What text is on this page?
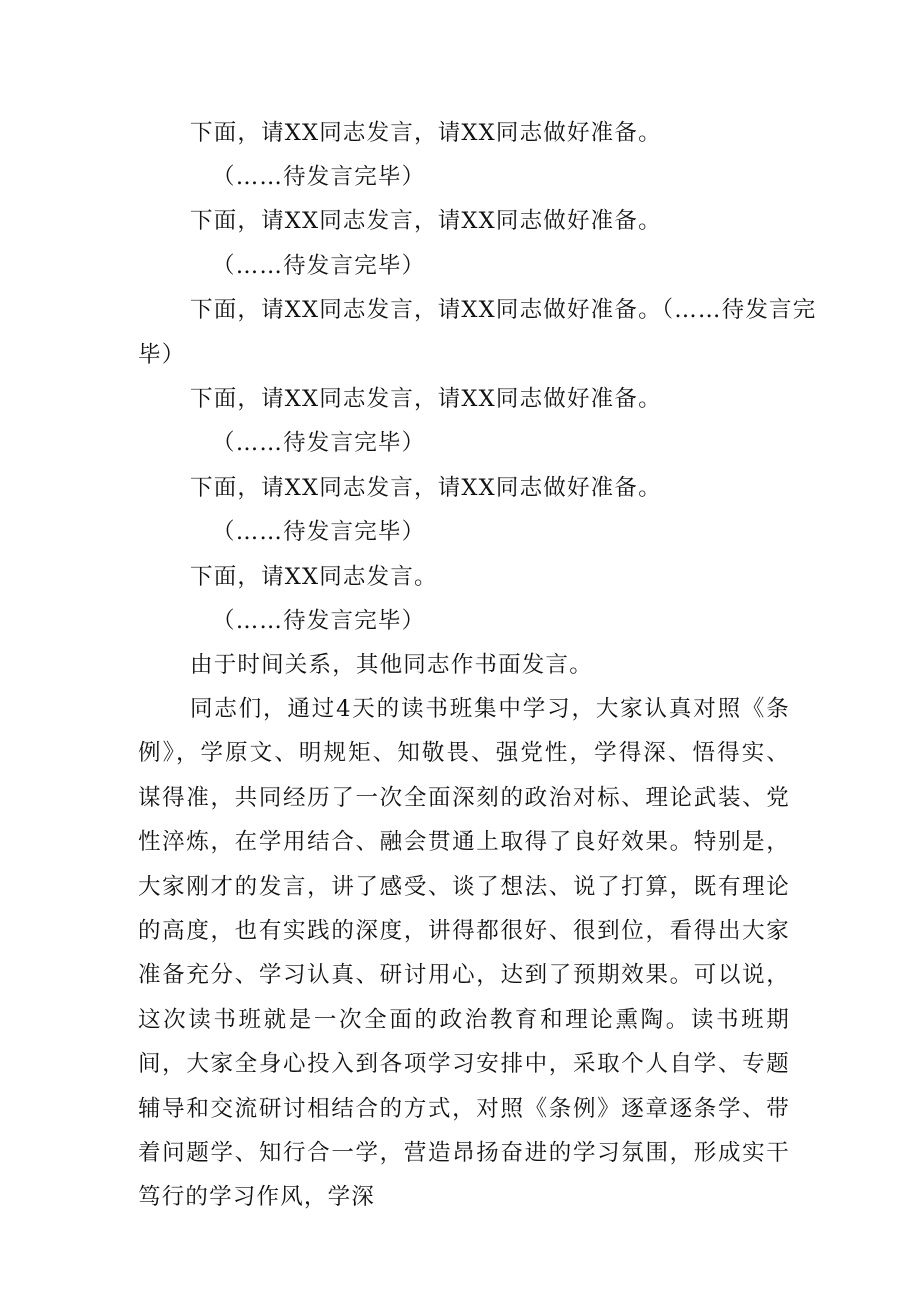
下面，请XX同志发言，请XX同志做好准备。
（……待发言完毕）
下面，请XX同志发言，请XX同志做好准备。
（……待发言完毕）
下面，请XX同志发言，请XX同志做好准备。（……待发言完
毕）
下面，请XX同志发言，请XX同志做好准备。
（……待发言完毕）
下面，请XX同志发言，请XX同志做好准备。
（……待发言完毕）
下面，请XX同志发言。
（……待发言完毕）
由于时间关系，其他同志作书面发言。
同志们，通过4天的读书班集中学习，大家认真对照《条例》，学原文、明规矩、知敬畏、强党性，学得深、悟得实、谋得准，共同经历了一次全面深刻的政治对标、理论武装、党性淬炼，在学用结合、融会贯通上取得了良好效果。特别是，大家刚才的发言，讲了感受、谈了想法、说了打算，既有理论的高度，也有实践的深度，讲得都很好、很到位，看得出大家准备充分、学习认真、研讨用心，达到了预期效果。可以说，这次读书班就是一次全面的政治教育和理论熏陶。读书班期间，大家全身心投入到各项学习安排中，采取个人自学、专题辅导和交流研讨相结合的方式，对照《条例》逐章逐条学、带着问题学、知行合一学，营造昂扬奋进的学习氛围，形成实干笃行的学习作风，学深
